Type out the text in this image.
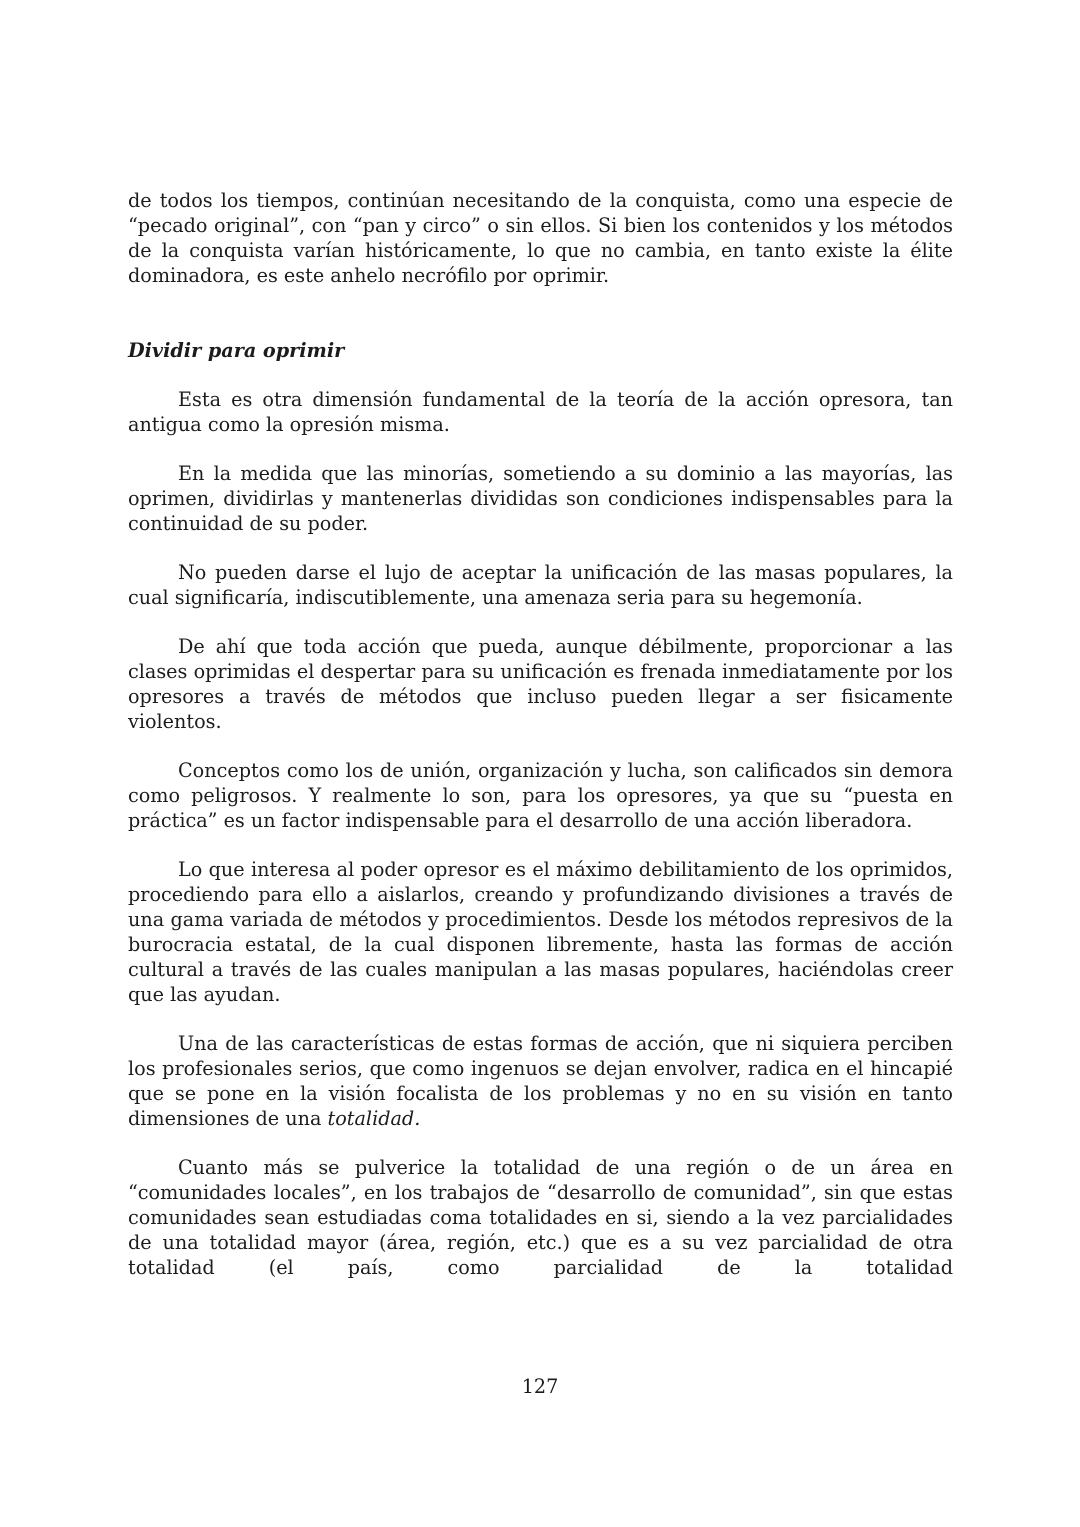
de todos los tiempos, continúan necesitando de la conquista, como una especie de “pecado original”, con “pan y circo” o sin ellos. Si bien los contenidos y los métodos de la conquista varían históricamente, lo que no cambia, en tanto existe la élite dominadora, es este anhelo necrófilo por oprimir.

Dividir para oprimir

Esta es otra dimensión fundamental de la teoría de la acción opresora, tan antigua como la opresión misma.

En la medida que las minorías, sometiendo a su dominio a las mayorías, las oprimen, dividirlas y mantenerlas divididas son condiciones indispensables para la continuidad de su poder.

No pueden darse el lujo de aceptar la unificación de las masas populares, la cual significaría, indiscutiblemente, una amenaza seria para su hegemonía.

De ahí que toda acción que pueda, aunque débilmente, proporcionar a las clases oprimidas el despertar para su unificación es frenada inmediatamente por los opresores a través de métodos que incluso pueden llegar a ser fisicamente violentos.

Conceptos como los de unión, organización y lucha, son calificados sin demora como peligrosos. Y realmente lo son, para los opresores, ya que su “puesta en práctica” es un factor indispensable para el desarrollo de una acción liberadora.

Lo que interesa al poder opresor es el máximo debilitamiento de los oprimidos, procediendo para ello a aislarlos, creando y profundizando divisiones a través de una gama variada de métodos y procedimientos. Desde los métodos represivos de la burocracia estatal, de la cual disponen libremente, hasta las formas de acción cultural a través de las cuales manipulan a las masas populares, haciéndolas creer que las ayudan.

Una de las características de estas formas de acción, que ni siquiera perciben los profesionales serios, que como ingenuos se dejan envolver, radica en el hincapié que se pone en la visión focalista de los problemas y no en su visión en tanto dimensiones de una totalidad.

Cuanto más se pulverice la totalidad de una región o de un área en “comunidades locales”, en los trabajos de “desarrollo de comunidad”, sin que estas comunidades sean estudiadas coma totalidades en si, siendo a la vez parcialidades de una totalidad mayor (área, región, etc.) que es a su vez parcialidad de otra totalidad (el país, como parcialidad de la totalidad

127
